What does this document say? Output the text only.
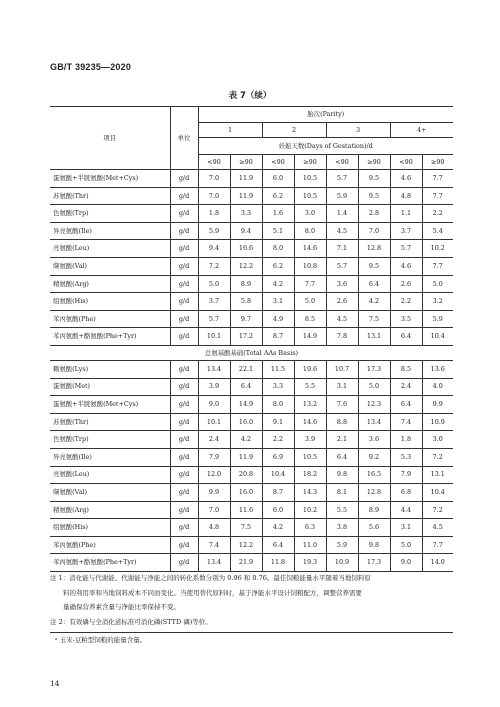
GB/T 39235—2020
表 7（续）
项目	单位	胎次(Parity)							
		1		2		3		4+	
		妊娠天数(Days of Gestation)/d							
		<90	≥90	<90	≥90	<90	≥90	<90	≥90
蛋氨酸+半胱氨酸(Met+Cys)	g/d	7.0	11.9	6.0	10.5	5.7	9.5	4.6	7.7
苏氨酸(Thr)	g/d	7.0	11.9	6.2	10.5	5.9	9.5	4.8	7.7
色氨酸(Trp)	g/d	1.8	3.3	1.6	3.0	1.4	2.8	1.1	2.2
异亮氨酸(Ile)	g/d	5.9	9.4	5.1	8.0	4.5	7.0	3.7	5.4
亮氨酸(Leu)	g/d	9.4	16.6	8.0	14.6	7.1	12.8	5.7	10.2
缬氨酸(Val)	g/d	7.2	12.2	6.2	10.8	5.7	9.5	4.6	7.7
精氨酸(Arg)	g/d	5.0	8.9	4.2	7.7	3.6	6.4	2.6	5.0
组氨酸(His)	g/d	3.7	5.8	3.1	5.0	2.6	4.2	2.2	3.2
苯丙氨酸(Phe)	g/d	5.7	9.7	4.9	8.5	4.5	7.5	3.5	5.9
苯丙氨酸+酪氨酸(Phe+Tyr)	g/d	10.1	17.2	8.7	14.9	7.8	13.1	6.4	10.4
总氨基酸基础(Total AAs Basis)									
赖氨酸(Lys)	g/d	13.4	22.1	11.5	19.6	10.7	17.3	8.5	13.6
蛋氨酸(Met)	g/d	3.9	6.4	3.3	5.5	3.1	5.0	2.4	4.0
蛋氨酸+半胱氨酸(Met+Cys)	g/d	9.0	14.9	8.0	13.2	7.6	12.3	6.4	9.9
苏氨酸(Thr)	g/d	10.1	16.0	9.1	14.6	8.8	13.4	7.4	10.9
色氨酸(Trp)	g/d	2.4	4.2	2.2	3.9	2.1	3.6	1.8	3.0
异亮氨酸(Ile)	g/d	7.9	11.9	6.9	10.5	6.4	9.2	5.3	7.2
亮氨酸(Leu)	g/d	12.0	20.8	10.4	18.2	9.8	16.5	7.9	13.1
缬氨酸(Val)	g/d	9.9	16.0	8.7	14.3	8.1	12.8	6.8	10.4
精氨酸(Arg)	g/d	7.0	11.6	6.0	10.2	5.5	8.9	4.4	7.2
组氨酸(His)	g/d	4.8	7.5	4.2	6.3	3.8	5.6	3.1	4.5
苯丙氨酸(Phe)	g/d	7.4	12.2	6.4	11.0	5.9	9.8	5.0	7.7
苯丙氨酸+酪氨酸(Phe+Tyr)	g/d	13.4	21.9	11.8	19.3	10.9	17.3	9.0	14.0
注 1：消化能与代谢能、代谢能与净能之间的转化系数分别为 0.96 和 0.76。最佳饲粮能量水平随着当地饲料原
料的利用率和当地饲料成本不同而变化。当使用替代原料时，基于净能水平设计饲粮配方，调整营养需要
量确保营养素含量与净能比率保持不变。
注 2：有效磷与全消化道标准可消化磷(STTD 磷)等价。
ᵃ 玉米-豆粕型饲粮的能量含量。
14
